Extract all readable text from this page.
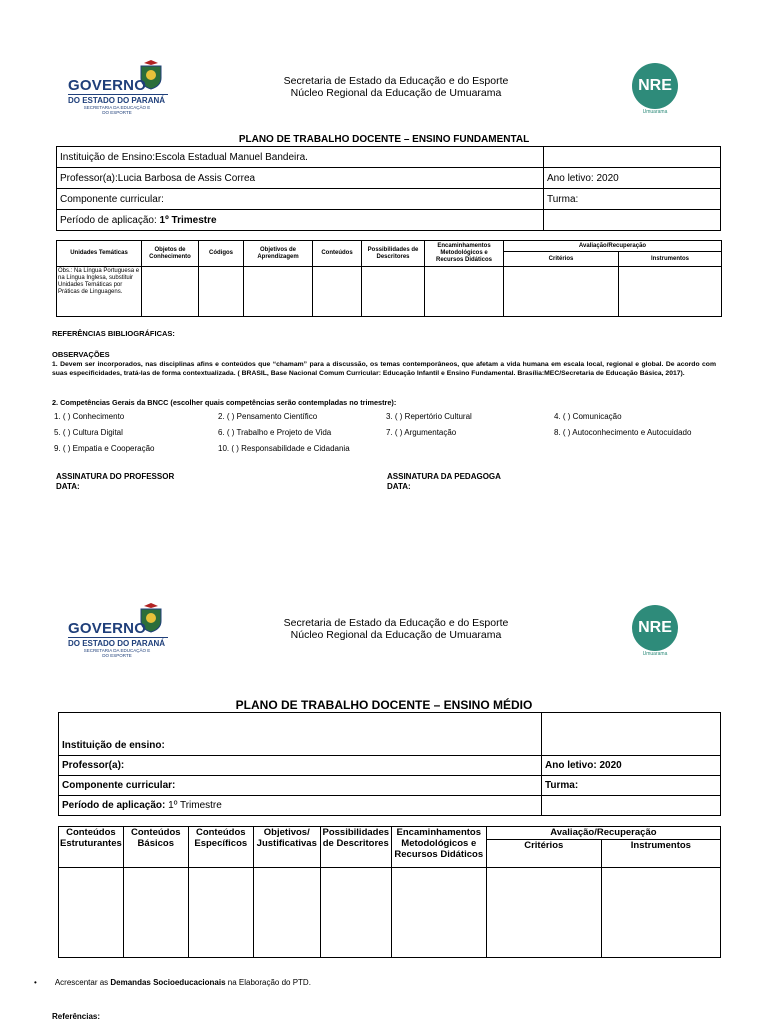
GOVERNO
DO ESTADO DO PARANÁ
SECRETARIA DA EDUCAÇÃO E DO ESPORTE
Secretaria de Estado da Educação e do Esporte
Núcleo Regional da Educação de Umuarama	NRE
Umuarama
PLANO DE TRABALHO DOCENTE – ENSINO FUNDAMENTAL
Instituição de Ensino:Escola Estadual Manuel Bandeira.	
Professor(a):Lucia Barbosa de Assis Correa	Ano letivo: 2020
Componente curricular:	Turma:
Período de aplicação: 1º Trimestre	
Unidades Temáticas	Objetos de Conhecimento	Códigos	Objetivos de Aprendizagem	Conteúdos	Possibilidades de Descritores	Encaminhamentos Metodológicos e Recursos Didáticos	Avaliação/Recuperação	
							Critérios	Instrumentos
Obs.: Na Língua Portuguesa e na Língua Inglesa, substituir Unidades Temáticas por Práticas de Linguagens.								
REFERÊNCIAS BIBLIOGRÁFICAS:
OBSERVAÇÕES
1. Devem ser incorporados, nas disciplinas afins e conteúdos que “chamam” para a discussão, os temas contemporâneos, que afetam a vida humana em escala local, regional e global. De acordo com suas especificidades, tratá-las de forma contextualizada. ( BRASIL, Base Nacional Comum Curricular: Educação Infantil e Ensino Fundamental. Brasília:MEC/Secretaria de Educação Básica, 2017).
2. Competências Gerais da BNCC (escolher quais competências serão contempladas no trimestre):
1. ( ) Conhecimento	2. ( ) Pensamento Científico	3. ( ) Repertório Cultural	4. ( ) Comunicação
5. ( ) Cultura Digital	6. ( ) Trabalho e Projeto de Vida	7. ( ) Argumentação	8. ( ) Autoconhecimento e Autocuidado
9. ( ) Empatia e Cooperação	10. ( ) Responsabilidade e Cidadania		
ASSINATURA DO PROFESSOR
DATA:
ASSINATURA DA PEDAGOGA
DATA:
GOVERNO
DO ESTADO DO PARANÁ
SECRETARIA DA EDUCAÇÃO E DO ESPORTE
Secretaria de Estado da Educação e do Esporte
Núcleo Regional da Educação de Umuarama	NRE
Umuarama
PLANO DE TRABALHO DOCENTE – ENSINO MÉDIO
Instituição de ensino:	
Professor(a):	Ano letivo: 2020
Componente curricular:	Turma:
Período de aplicação: 1º Trimestre	
Conteúdos Estruturantes	Conteúdos Básicos	Conteúdos Específicos	Objetivos/ Justificativas	Possibilidades de Descritores	Encaminhamentos Metodológicos e Recursos Didáticos	Avaliação/Recuperação	
						Critérios	Instrumentos

• Acrescentar as Demandas Socioeducacionais na Elaboração do PTD.
Referências:
